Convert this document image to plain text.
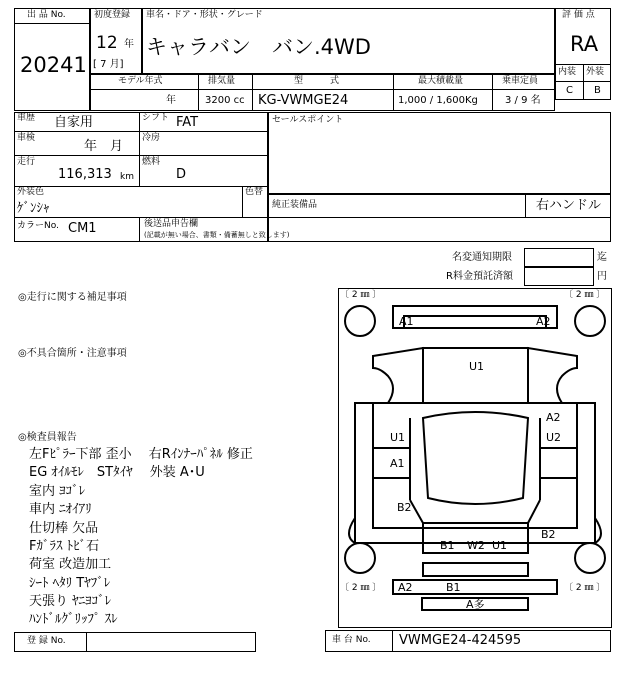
出 品 No.
20241
初度登録
12 年
[ 7 月]
車名・ドア・形状・グレード
キャラバン　バン.4WD
評 価 点
RA
内装 外装
C B
モデル年式
年
排気量
3200 cc
型　　　式
KG-VWMGE24
最大積載量
1,000 / 1,600Kg
乗車定員
3 / 9 名
車歴 自家用	シフト FAT
車検
年　月
冷房
走行
116,313 km
燃料
D
外装色
ｹﾞﾝｼｬ
色替
カラーNo. CM1	後送品申告欄
(記載が無い場合、書類・備蓄無しと致します)
セールスポイント
純正装備品	右ハンドル
名変通知期限	迄
R料金預託済額	円
◎走行に関する補足事項
◎不具合箇所・注意事項
◎検査員報告
左Fﾋﾟﾗｰ下部 歪小　 右Rｲﾝﾅｰﾊﾟﾈﾙ 修正
EG ｵｲﾙﾓﾚ　STﾀｲﾔ　 外装 A･U
室内 ﾖｺﾞﾚ
車内 ﾆｵｲｱﾘ
仕切棒 欠品
Fｶﾞﾗｽ ﾄﾋﾞ石
荷室 改造加工
ｼｰﾄ ﾍﾀﾘ Tﾔﾌﾞﾚ
天張り ﾔﾆﾖｺﾞﾚ
ﾊﾝﾄﾞﾙｸﾞﾘｯﾌﾟ ｽﾚ
〔 2 ㎜ 〕	〔 2 ㎜ 〕
〔 2 ㎜ 〕	〔 2 ㎜ 〕
A1	A2
U1
A2
U2
U1
A1
B2
B2
B1 W2 U1
A2	B1
A多
登 録 No.	車 台 No. VWMGE24-424595
